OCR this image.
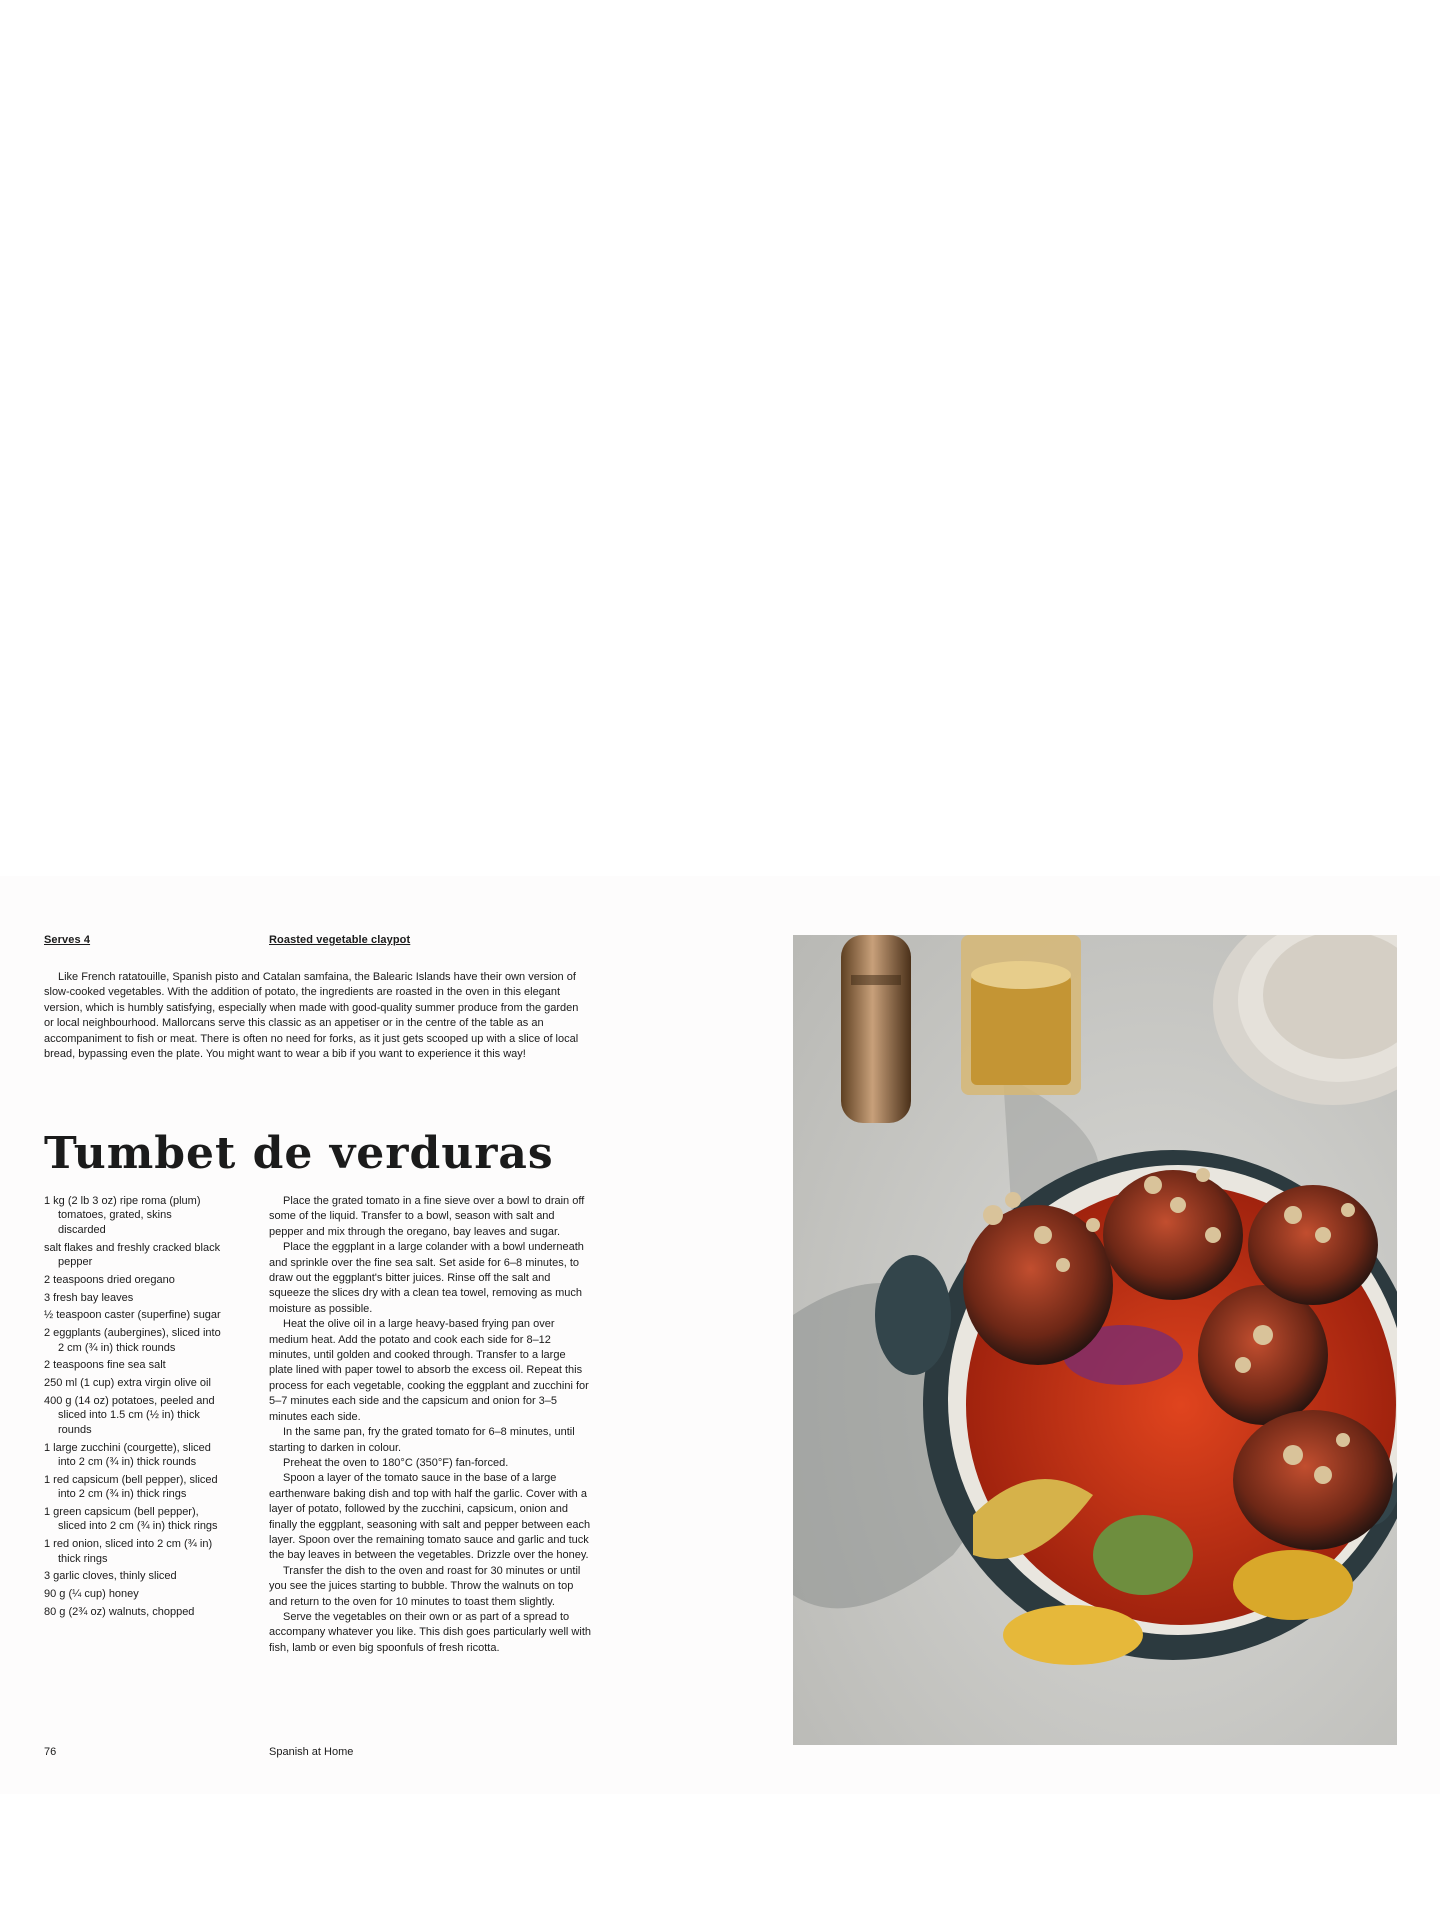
Serves 4	Roasted vegetable claypot

Like French ratatouille, Spanish pisto and Catalan samfaina, the Balearic Islands have their own version of slow-cooked vegetables. With the addition of potato, the ingredients are roasted in the oven in this elegant version, which is humbly satisfying, especially when made with good-quality summer produce from the garden or local neighbourhood. Mallorcans serve this classic as an appetiser or in the centre of the table as an accompaniment to fish or meat. There is often no need for forks, as it just gets scooped up with a slice of local bread, bypassing even the plate. You might want to wear a bib if you want to experience it this way!

Tumbet de verduras
1 kg (2 lb 3 oz) ripe roma (plum) tomatoes, grated, skins discarded
salt flakes and freshly cracked black pepper
2 teaspoons dried oregano
3 fresh bay leaves
½ teaspoon caster (superfine) sugar
2 eggplants (aubergines), sliced into 2 cm (¾ in) thick rounds
2 teaspoons fine sea salt
250 ml (1 cup) extra virgin olive oil
400 g (14 oz) potatoes, peeled and sliced into 1.5 cm (½ in) thick rounds
1 large zucchini (courgette), sliced into 2 cm (¾ in) thick rounds
1 red capsicum (bell pepper), sliced into 2 cm (¾ in) thick rings
1 green capsicum (bell pepper), sliced into 2 cm (¾ in) thick rings
1 red onion, sliced into 2 cm (¾ in) thick rings
3 garlic cloves, thinly sliced
90 g (¼ cup) honey
80 g (2¾ oz) walnuts, chopped

Place the grated tomato in a fine sieve over a bowl to drain off some of the liquid. Transfer to a bowl, season with salt and pepper and mix through the oregano, bay leaves and sugar.

Place the eggplant in a large colander with a bowl underneath and sprinkle over the fine sea salt. Set aside for 6–8 minutes, to draw out the eggplant's bitter juices. Rinse off the salt and squeeze the slices dry with a clean tea towel, removing as much moisture as possible.

Heat the olive oil in a large heavy-based frying pan over medium heat. Add the potato and cook each side for 8–12 minutes, until golden and cooked through. Transfer to a large plate lined with paper towel to absorb the excess oil. Repeat this process for each vegetable, cooking the eggplant and zucchini for 5–7 minutes each side and the capsicum and onion for 3–5 minutes each side.

In the same pan, fry the grated tomato for 6–8 minutes, until starting to darken in colour.

Preheat the oven to 180°C (350°F) fan-forced.

Spoon a layer of the tomato sauce in the base of a large earthenware baking dish and top with half the garlic. Cover with a layer of potato, followed by the zucchini, capsicum, onion and finally the eggplant, seasoning with salt and pepper between each layer. Spoon over the remaining tomato sauce and garlic and tuck the bay leaves in between the vegetables. Drizzle over the honey.

Transfer the dish to the oven and roast for 30 minutes or until you see the juices starting to bubble. Throw the walnuts on top and return to the oven for 10 minutes to toast them slightly.

Serve the vegetables on their own or as part of a spread to accompany whatever you like. This dish goes particularly well with fish, lamb or even big spoonfuls of fresh ricotta.

76	Spanish at Home
